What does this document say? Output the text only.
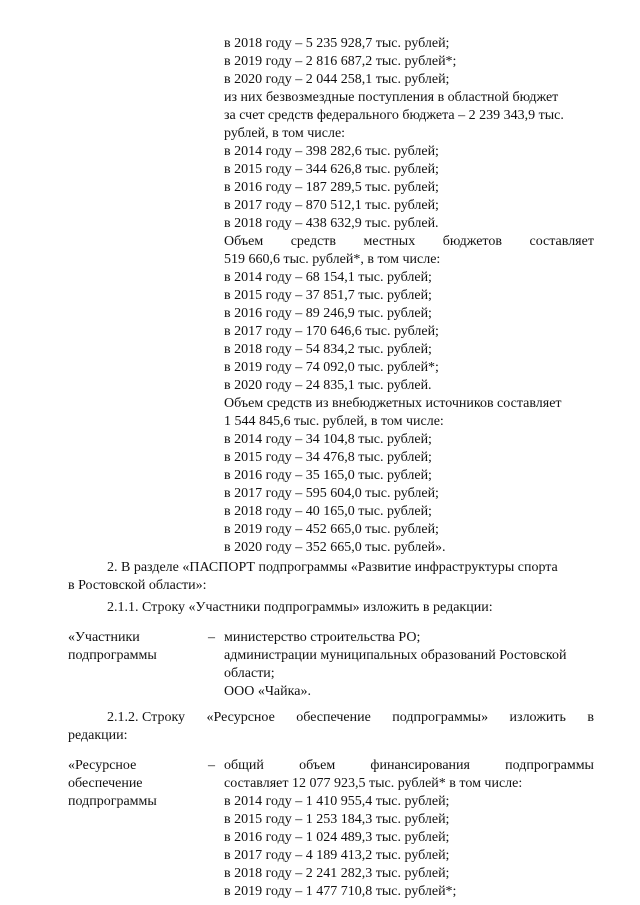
в 2018 году – 5 235 928,7 тыс. рублей;
в 2019 году – 2 816 687,2 тыс. рублей*;
в 2020 году – 2 044 258,1 тыс. рублей;
из них безвозмездные поступления в областной бюджет
за счет средств федерального бюджета – 2 239 343,9 тыс.
рублей, в том числе:
в 2014 году – 398 282,6 тыс. рублей;
в 2015 году – 344 626,8 тыс. рублей;
в 2016 году – 187 289,5 тыс. рублей;
в 2017 году – 870 512,1 тыс. рублей;
в 2018 году – 438 632,9 тыс. рублей.
Объем средств местных бюджетов составляет
519 660,6 тыс. рублей*, в том числе:
в 2014 году – 68 154,1 тыс. рублей;
в 2015 году – 37 851,7 тыс. рублей;
в 2016 году – 89 246,9 тыс. рублей;
в 2017 году – 170 646,6 тыс. рублей;
в 2018 году – 54 834,2 тыс. рублей;
в 2019 году – 74 092,0 тыс. рублей*;
в 2020 году – 24 835,1 тыс. рублей.
Объем средств из внебюджетных источников составляет
1 544 845,6 тыс. рублей, в том числе:
в 2014 году – 34 104,8 тыс. рублей;
в 2015 году – 34 476,8 тыс. рублей;
в 2016 году – 35 165,0 тыс. рублей;
в 2017 году – 595 604,0 тыс. рублей;
в 2018 году – 40 165,0 тыс. рублей;
в 2019 году – 452 665,0 тыс. рублей;
в 2020 году – 352 665,0 тыс. рублей».
2. В разделе «ПАСПОРТ подпрограммы «Развитие инфраструктуры спорта
в Ростовской области»:
2.1.1. Строку «Участники подпрограммы» изложить в редакции:
«Участники
подпрограммы
– министерство строительства РО;
администрации муниципальных образований Ростовской
области;
ООО «Чайка».
2.1.2. Строку «Ресурсное обеспечение подпрограммы» изложить в
редакции:
«Ресурсное
обеспечение
подпрограммы
– общий	объем	финансирования	подпрограммы
составляет 12 077 923,5 тыс. рублей* в том числе:
в 2014 году – 1 410 955,4 тыс. рублей;
в 2015 году – 1 253 184,3 тыс. рублей;
в 2016 году – 1 024 489,3 тыс. рублей;
в 2017 году – 4 189 413,2 тыс. рублей;
в 2018 году – 2 241 282,3 тыс. рублей;
в 2019 году – 1 477 710,8 тыс. рублей*;
